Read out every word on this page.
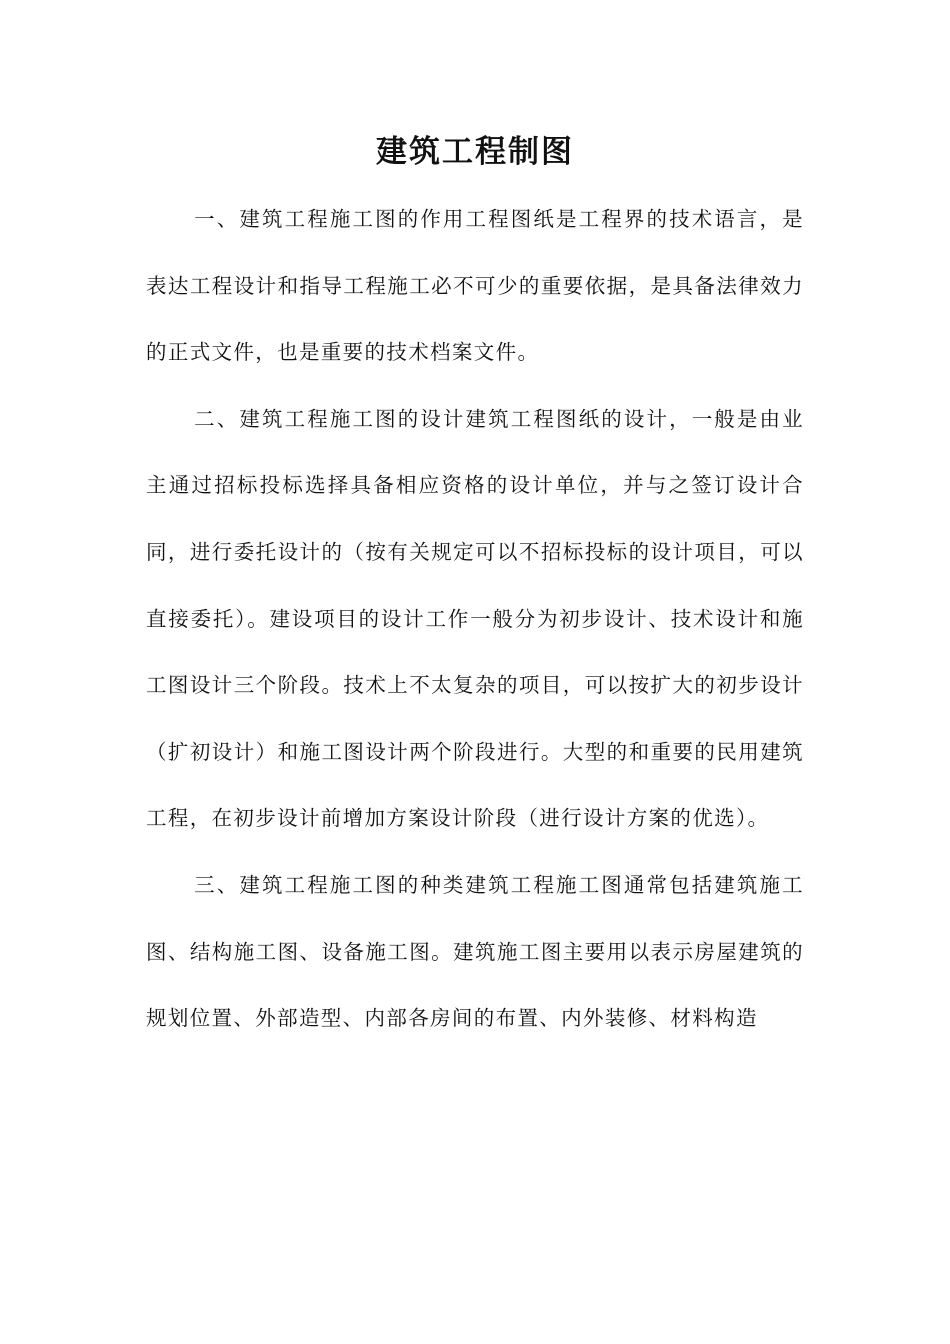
建筑工程制图

一、建筑工程施工图的作用工程图纸是工程界的技术语言，是表达工程设计和指导工程施工必不可少的重要依据，是具备法律效力的正式文件，也是重要的技术档案文件。

二、建筑工程施工图的设计建筑工程图纸的设计，一般是由业主通过招标投标选择具备相应资格的设计单位，并与之签订设计合同，进行委托设计的（按有关规定可以不招标投标的设计项目，可以直接委托）。建设项目的设计工作一般分为初步设计、技术设计和施工图设计三个阶段。技术上不太复杂的项目，可以按扩大的初步设计（扩初设计）和施工图设计两个阶段进行。大型的和重要的民用建筑工程，在初步设计前增加方案设计阶段（进行设计方案的优选）。

三、建筑工程施工图的种类建筑工程施工图通常包括建筑施工图、结构施工图、设备施工图。建筑施工图主要用以表示房屋建筑的规划位置、外部造型、内部各房间的布置、内外装修、材料构造
